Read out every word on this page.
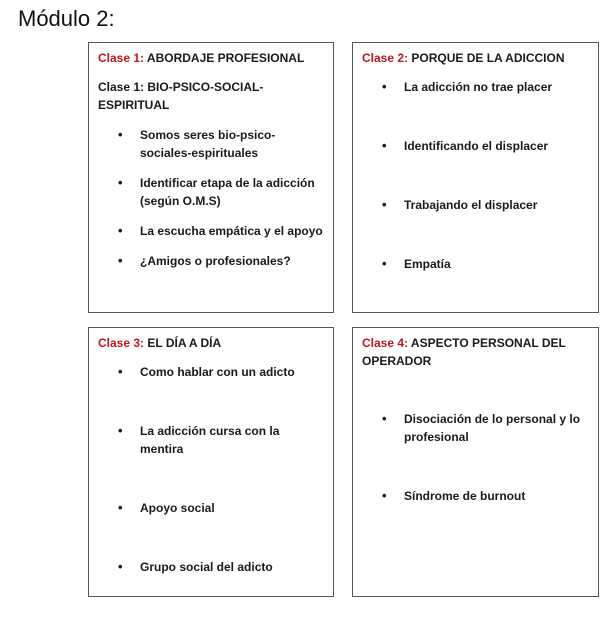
Módulo 2:

Clase 1: ABORDAJE PROFESIONAL

Clase 1: BIO-PSICO-SOCIAL-ESPIRITUAL

• Somos seres bio-psico-sociales-espirituales
• Identificar etapa de la adicción (según O.M.S)
• La escucha empática y el apoyo
• ¿Amigos o profesionales?

Clase 2: PORQUE DE LA ADICCION

• La adicción no trae placer
• Identificando el displacer
• Trabajando el displacer
• Empatía

Clase 3: EL DÍA A DÍA

• Como hablar con un adicto
• La adicción cursa con la mentira
• Apoyo social
• Grupo social del adicto

Clase 4: ASPECTO PERSONAL DEL OPERADOR

• Disociación de lo personal y lo profesional
• Síndrome de burnout
